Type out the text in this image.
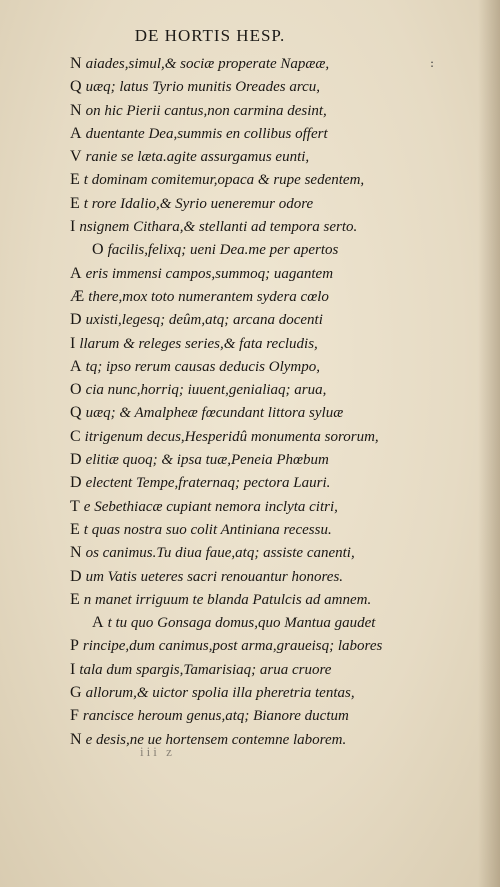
:
DE HORTIS HESP.
N aiades,simul,& sociæ properate Napææ,
Q uæq; latus Tyrio munitis Oreades arcu,
N on hic Pierii cantus,non carmina desint,
A duentante Dea,summis en collibus offert
V ranie se læta.agite assurgamus eunti,
E t dominam comitemur,opaca & rupe sedentem,
E t rore Idalio,& Syrio ueneremur odore
I nsignem Cithara,& stellanti ad tempora serto.
O facilis,felixq; ueni Dea.me per apertos
A eris immensi campos,summoq; uagantem
Æ there,mox toto numerantem sydera cœlo
D uxisti,legesq; deûm,atq; arcana docenti
I llarum & releges series,& fata recludis,
A tq; ipso rerum causas deducis Olympo,
O cia nunc,horriq; iuuent,genialiaq; arua,
Q uæq; & Amalpheæ fœcundant littora syluæ
C itrigenum decus,Hesperidû monumenta sororum,
D elitiæ quoq; & ipsa tuæ,Peneia Phœbum
D electent Tempe,fraternaq; pectora Lauri.
T e Sebethiacæ cupiant nemora inclyta citri,
E t quas nostra suo colit Antiniana recessu.
N os canimus.Tu diua faue,atq; assiste canenti,
D um Vatis ueteres sacri renouantur honores.
E n manet irriguum te blanda Patulcis ad amnem.
A t tu quo Gonsaga domus,quo Mantua gaudet
P rincipe,dum canimus,post arma,graueisq; labores
I tala dum spargis,Tamarisiaq; arua cruore
G allorum,& uictor spolia illa pheretria tentas,
F rancisce heroum genus,atq; Bianore ductum
N e desis,ne ue hortensem contemne laborem.
iii z
